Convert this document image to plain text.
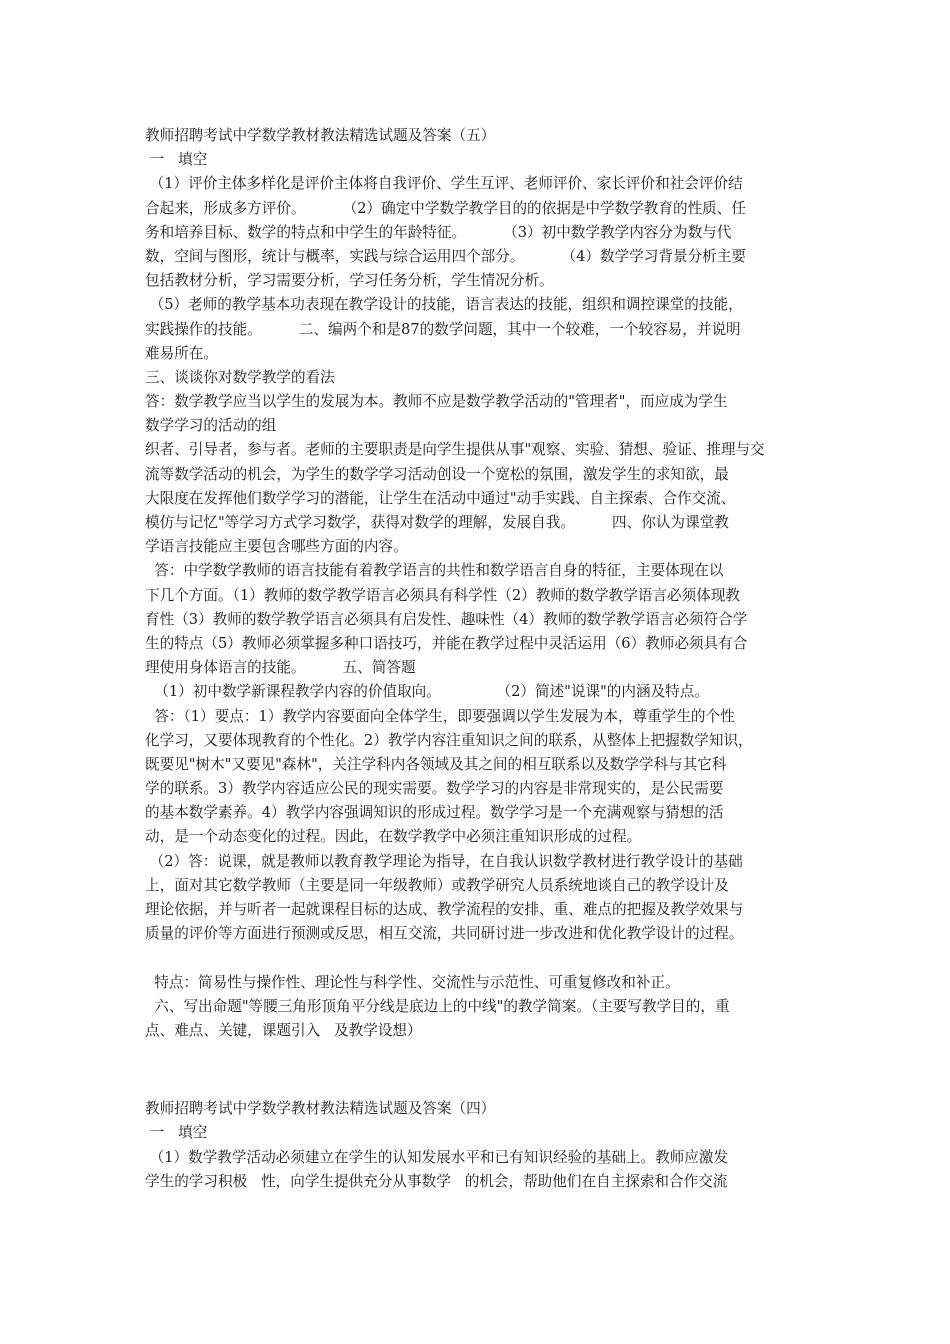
教师招聘考试中学数学教材教法精选试题及答案（五）
一   填空
（1）评价主体多样化是评价主体将自我评价、学生互评、老师评价、家长评价和社会评价结
合起来，形成多方评价。        （2）确定中学数学教学目的的依据是中学数学教育的性质、任
务和培养目标、数学的特点和中学生的年龄特征。        （3）初中数学教学内容分为数与代
数，空间与图形，统计与概率，实践与综合运用四个部分。        （4）数学学习背景分析主要
包括教材分析，学习需要分析，学习任务分析，学生情况分析。
（5）老师的教学基本功表现在教学设计的技能，语言表达的技能，组织和调控课堂的技能，
实践操作的技能。        二、编两个和是87的数学问题，其中一个较难，一个较容易，并说明
难易所在。
三、谈谈你对数学教学的看法
答：数学教学应当以学生的发展为本。教师不应是数学教学活动的"管理者"，而应成为学生
数学学习的活动的组
织者、引导者，参与者。老师的主要职责是向学生提供从事"观察、实验、猜想、验证、推理与交
流等数学活动的机会，为学生的数学学习活动创设一个宽松的氛围，激发学生的求知欲，最
大限度在发挥他们数学学习的潜能，让学生在活动中通过"动手实践、自主探索、合作交流、
模仿与记忆"等学习方式学习数学，获得对数学的理解，发展自我。        四、你认为课堂教
学语言技能应主要包含哪些方面的内容。
答：中学数学教师的语言技能有着教学语言的共性和数学语言自身的特征，主要体现在以
下几个方面。（1）教师的数学教学语言必须具有科学性（2）教师的数学教学语言必须体现教
育性（3）教师的数学教学语言必须具有启发性、趣味性（4）教师的数学教学语言必须符合学
生的特点（5）教师必须掌握多种口语技巧，并能在教学过程中灵活运用（6）教师必须具有合
理使用身体语言的技能。        五、简答题
（1）初中数学新课程教学内容的价值取向。            （2）简述"说课"的内涵及特点。
答：（1）要点：1）教学内容要面向全体学生，即要强调以学生发展为本，尊重学生的个性
化学习，又要体现教育的个性化。2）教学内容注重知识之间的联系，从整体上把握数学知识，
既要见"树木"又要见"森林"，关注学科内各领域及其之间的相互联系以及数学学科与其它科
学的联系。3）教学内容适应公民的现实需要。数学学习的内容是非常现实的，是公民需要
的基本数学素养。4）教学内容强调知识的形成过程。数学学习是一个充满观察与猜想的活
动，是一个动态变化的过程。因此，在数学教学中必须注重知识形成的过程。
（2）答：说课，就是教师以教育教学理论为指导，在自我认识数学教材进行教学设计的基础
上，面对其它数学教师（主要是同一年级教师）或教学研究人员系统地谈自己的教学设计及
理论依据，并与听者一起就课程目标的达成、教学流程的安排、重、难点的把握及教学效果与
质量的评价等方面进行预测或反思，相互交流，共同研讨进一步改进和优化教学设计的过程。
特点：简易性与操作性、理论性与科学性、交流性与示范性、可重复修改和补正。
六、写出命题"等腰三角形顶角平分线是底边上的中线"的教学简案。（主要写教学目的，重
点、难点、关键，课题引入   及教学设想）
教师招聘考试中学数学教材教法精选试题及答案（四）
一   填空
（1）数学教学活动必须建立在学生的认知发展水平和已有知识经验的基础上。教师应激发
学生的学习积极   性，向学生提供充分从事数学   的机会，帮助他们在自主探索和合作交流
